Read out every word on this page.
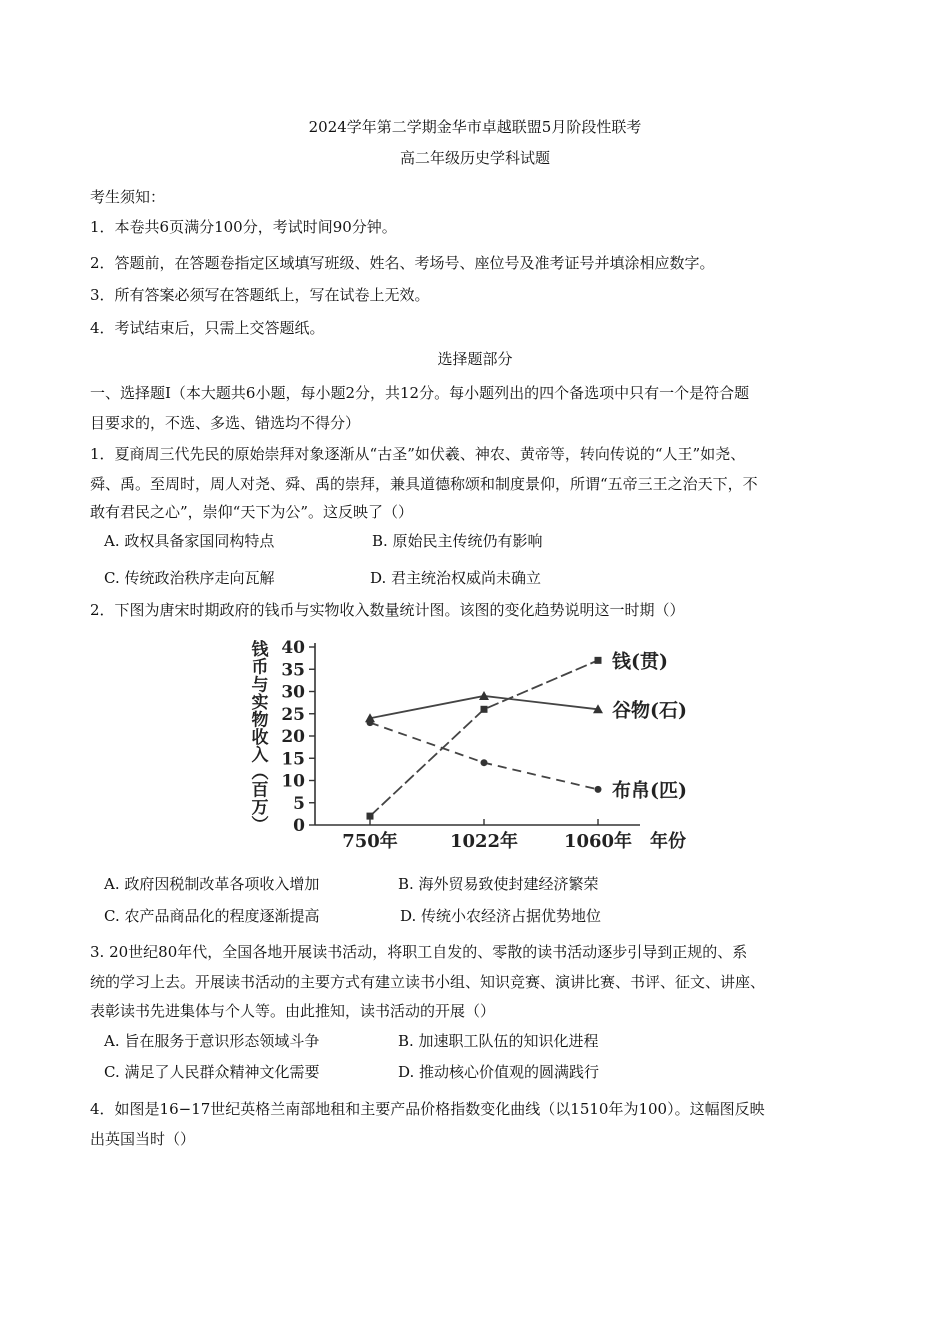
2024学年第二学期金华市卓越联盟5月阶段性联考
高二年级历史学科试题
考生须知：
1．本卷共6页满分100分，考试时间90分钟。
2．答题前，在答题卷指定区域填写班级、姓名、考场号、座位号及准考证号并填涂相应数字。
3．所有答案必须写在答题纸上，写在试卷上无效。
4．考试结束后，只需上交答题纸。
选择题部分
一、选择题Ⅰ（本大题共6小题，每小题2分，共12分。每小题列出的四个备选项中只有一个是符合题
目要求的，不选、多选、错选均不得分）
1．夏商周三代先民的原始崇拜对象逐渐从“古圣”如伏羲、神农、黄帝等，转向传说的“人王”如尧、
舜、禹。至周时，周人对尧、舜、禹的崇拜，兼具道德称颂和制度景仰，所谓“五帝三王之治天下，不
敢有君民之心”，崇仰“天下为公”。这反映了（）
A. 政权具备家国同构特点	B. 原始民主传统仍有影响
C. 传统政治秩序走向瓦解	D. 君主统治权威尚未确立
2．下图为唐宋时期政府的钱币与实物收入数量统计图。该图的变化趋势说明这一时期（）
钱
币
与
实
物
收
入
︵
百
万
︶ 0
5
10
15
20
25
30
35
40
750年	1022年	1060年
钱(贯)
谷物(石)
布帛(匹)
年份
A. 政府因税制改革各项收入增加	B. 海外贸易致使封建经济繁荣
C. 农产品商品化的程度逐渐提高	D. 传统小农经济占据优势地位
3. 20世纪80年代，全国各地开展读书活动，将职工自发的、零散的读书活动逐步引导到正规的、系
统的学习上去。开展读书活动的主要方式有建立读书小组、知识竞赛、演讲比赛、书评、征文、讲座、
表彰读书先进集体与个人等。由此推知，读书活动的开展（）
A. 旨在服务于意识形态领域斗争	B. 加速职工队伍的知识化进程
C. 满足了人民群众精神文化需要	D. 推动核心价值观的圆满践行
4．如图是16−17世纪英格兰南部地租和主要产品价格指数变化曲线（以1510年为100）。这幅图反映
出英国当时（）
